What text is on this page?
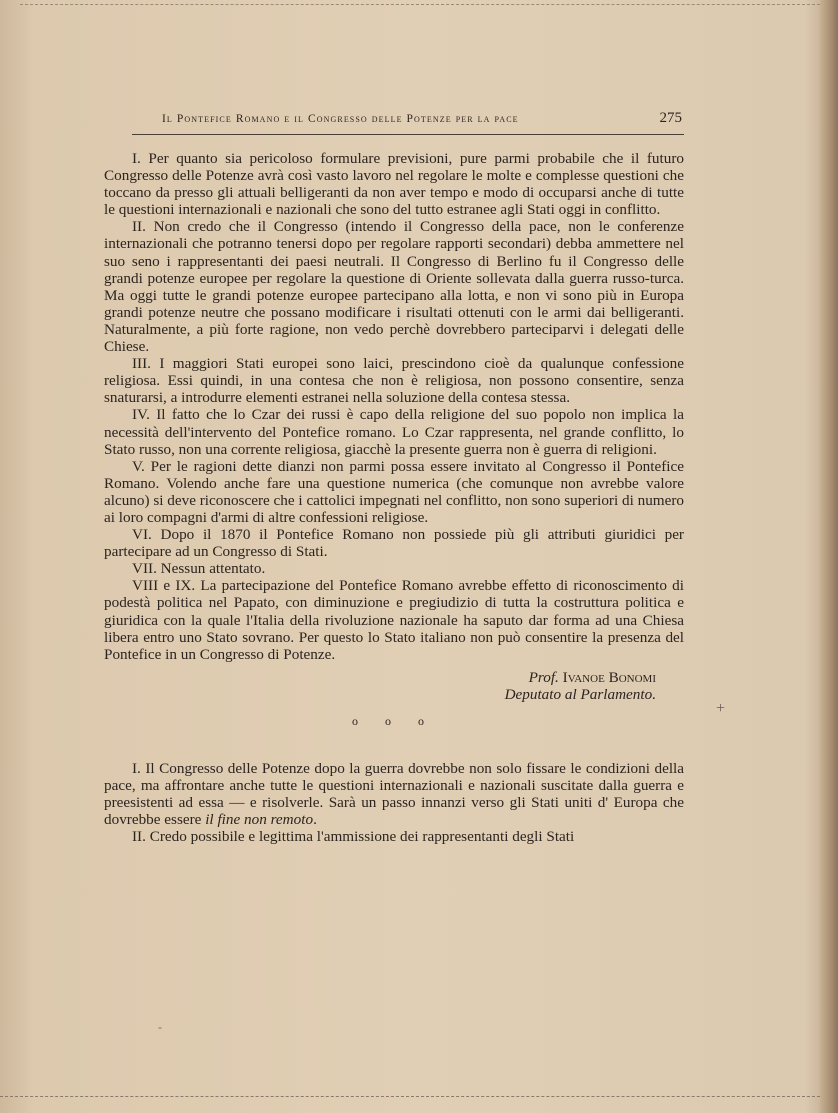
Il Pontefice Romano e il Congresso delle Potenze per la pace	275

I. Per quanto sia pericoloso formulare previsioni, pure parmi probabile che il futuro Congresso delle Potenze avrà così vasto lavoro nel regolare le molte e complesse questioni che toccano da presso gli attuali belligeranti da non aver tempo e modo di occuparsi anche di tutte le questioni internazionali e nazionali che sono del tutto estranee agli Stati oggi in conflitto.

II. Non credo che il Congresso (intendo il Congresso della pace, non le conferenze internazionali che potranno tenersi dopo per regolare rapporti secondari) debba ammettere nel suo seno i rappresentanti dei paesi neutrali. Il Congresso di Berlino fu il Congresso delle grandi potenze europee per regolare la questione di Oriente sollevata dalla guerra russo-turca. Ma oggi tutte le grandi potenze europee partecipano alla lotta, e non vi sono più in Europa grandi potenze neutre che possano modificare i risultati ottenuti con le armi dai belligeranti. Naturalmente, a più forte ragione, non vedo perchè dovrebbero parteciparvi i delegati delle Chiese.

III. I maggiori Stati europei sono laici, prescindono cioè da qualunque confessione religiosa. Essi quindi, in una contesa che non è religiosa, non possono consentire, senza snaturarsi, a introdurre elementi estranei nella soluzione della contesa stessa.

IV. Il fatto che lo Czar dei russi è capo della religione del suo popolo non implica la necessità dell'intervento del Pontefice romano. Lo Czar rappresenta, nel grande conflitto, lo Stato russo, non una corrente religiosa, giacchè la presente guerra non è guerra di religioni.

V. Per le ragioni dette dianzi non parmi possa essere invitato al Congresso il Pontefice Romano. Volendo anche fare una questione numerica (che comunque non avrebbe valore alcuno) si deve riconoscere che i cattolici impegnati nel conflitto, non sono superiori di numero ai loro compagni d'armi di altre confessioni religiose.

VI. Dopo il 1870 il Pontefice Romano non possiede più gli attributi giuridici per partecipare ad un Congresso di Stati.

VII. Nessun attentato.

VIII e IX. La partecipazione del Pontefice Romano avrebbe effetto di riconoscimento di podestà politica nel Papato, con diminuzione e pregiudizio di tutta la costruttura politica e giuridica con la quale l'Italia della rivoluzione nazionale ha saputo dar forma ad una Chiesa libera entro uno Stato sovrano. Per questo lo Stato italiano non può consentire la presenza del Pontefice in un Congresso di Potenze.

Prof. Ivanoe Bonomi

Deputato al Parlamento.

o o o

I. Il Congresso delle Potenze dopo la guerra dovrebbe non solo fissare le condizioni della pace, ma affrontare anche tutte le questioni internazionali e nazionali suscitate dalla guerra e preesistenti ad essa — e risolverle. Sarà un passo innanzi verso gli Stati uniti d' Europa che dovrebbe essere il fine non remoto.

II. Credo possibile e legittima l'ammissione dei rappresentanti degli Stati

+
-
